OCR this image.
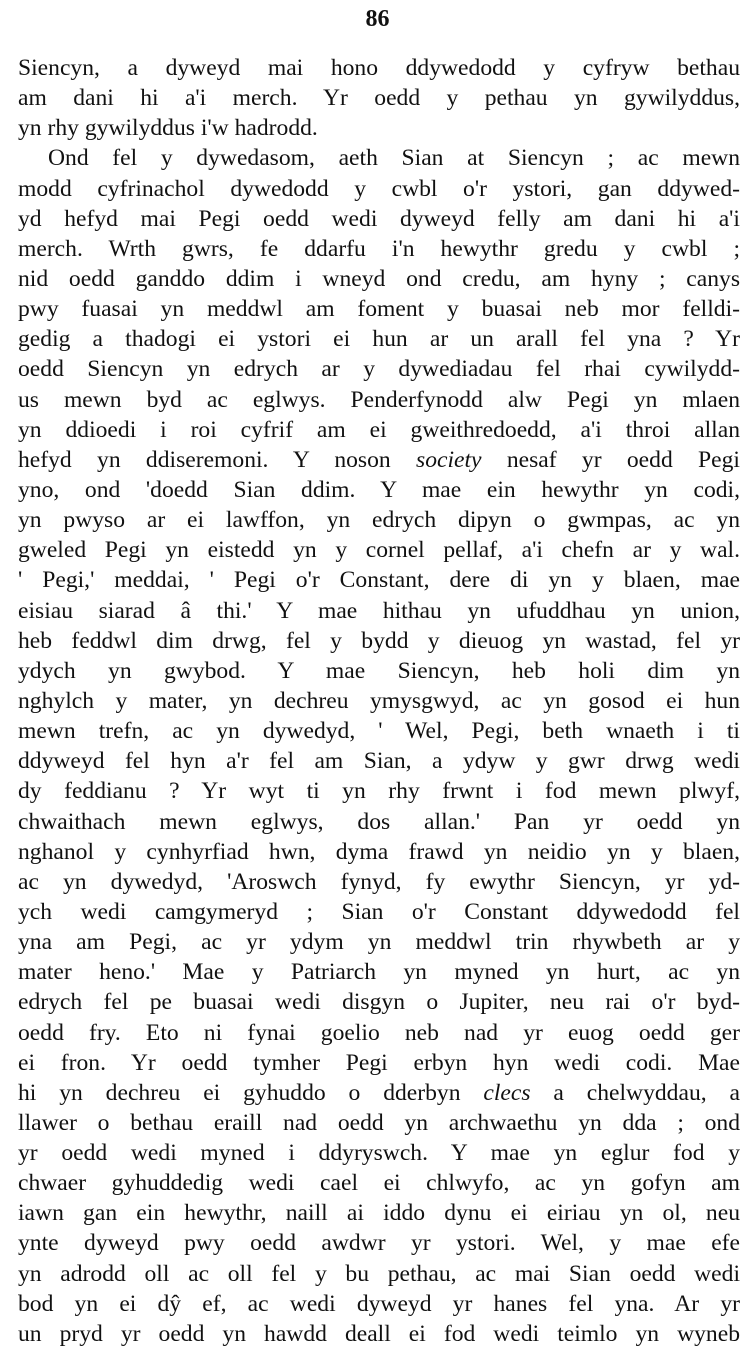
86
Siencyn, a dyweyd mai hono ddywedodd y cyfryw bethau
am dani hi a'i merch. Yr oedd y pethau yn gywilyddus,
yn rhy gywilyddus i'w hadrodd.
Ond fel y dywedasom, aeth Sian at Siencyn ; ac mewn
modd cyfrinachol dywedodd y cwbl o'r ystori, gan ddywed-
yd hefyd mai Pegi oedd wedi dyweyd felly am dani hi a'i
merch. Wrth gwrs, fe ddarfu i'n hewythr gredu y cwbl ;
nid oedd ganddo ddim i wneyd ond credu, am hyny ; canys
pwy fuasai yn meddwl am foment y buasai neb mor felldi-
gedig a thadogi ei ystori ei hun ar un arall fel yna ? Yr
oedd Siencyn yn edrych ar y dywediadau fel rhai cywilydd-
us mewn byd ac eglwys. Penderfynodd alw Pegi yn mlaen
yn ddioedi i roi cyfrif am ei gweithredoedd, a'i throi allan
hefyd yn ddiseremoni. Y noson society nesaf yr oedd Pegi
yno, ond 'doedd Sian ddim. Y mae ein hewythr yn codi,
yn pwyso ar ei lawffon, yn edrych dipyn o gwmpas, ac yn
gweled Pegi yn eistedd yn y cornel pellaf, a'i chefn ar y wal.
' Pegi,' meddai, ' Pegi o'r Constant, dere di yn y blaen, mae
eisiau siarad â thi.' Y mae hithau yn ufuddhau yn union,
heb feddwl dim drwg, fel y bydd y dieuog yn wastad, fel yr
ydych yn gwybod. Y mae Siencyn, heb holi dim yn
nghylch y mater, yn dechreu ymysgwyd, ac yn gosod ei hun
mewn trefn, ac yn dywedyd, ' Wel, Pegi, beth wnaeth i ti
ddyweyd fel hyn a'r fel am Sian, a ydyw y gwr drwg wedi
dy feddianu ? Yr wyt ti yn rhy frwnt i fod mewn plwyf,
chwaithach mewn eglwys, dos allan.' Pan yr oedd yn
nghanol y cynhyrfiad hwn, dyma frawd yn neidio yn y blaen,
ac yn dywedyd, 'Aroswch fynyd, fy ewythr Siencyn, yr yd-
ych wedi camgymeryd ; Sian o'r Constant ddywedodd fel
yna am Pegi, ac yr ydym yn meddwl trin rhywbeth ar y
mater heno.' Mae y Patriarch yn myned yn hurt, ac yn
edrych fel pe buasai wedi disgyn o Jupiter, neu rai o'r byd-
oedd fry. Eto ni fynai goelio neb nad yr euog oedd ger
ei fron. Yr oedd tymher Pegi erbyn hyn wedi codi. Mae
hi yn dechreu ei gyhuddo o dderbyn clecs a chelwyddau, a
llawer o bethau eraill nad oedd yn archwaethu yn dda ; ond
yr oedd wedi myned i ddyryswch. Y mae yn eglur fod y
chwaer gyhuddedig wedi cael ei chlwyfo, ac yn gofyn am
iawn gan ein hewythr, naill ai iddo dynu ei eiriau yn ol, neu
ynte dyweyd pwy oedd awdwr yr ystori. Wel, y mae efe
yn adrodd oll ac oll fel y bu pethau, ac mai Sian oedd wedi
bod yn ei dŷ ef, ac wedi dyweyd yr hanes fel yna. Ar yr
un pryd yr oedd yn hawdd deall ei fod wedi teimlo yn wyneb
